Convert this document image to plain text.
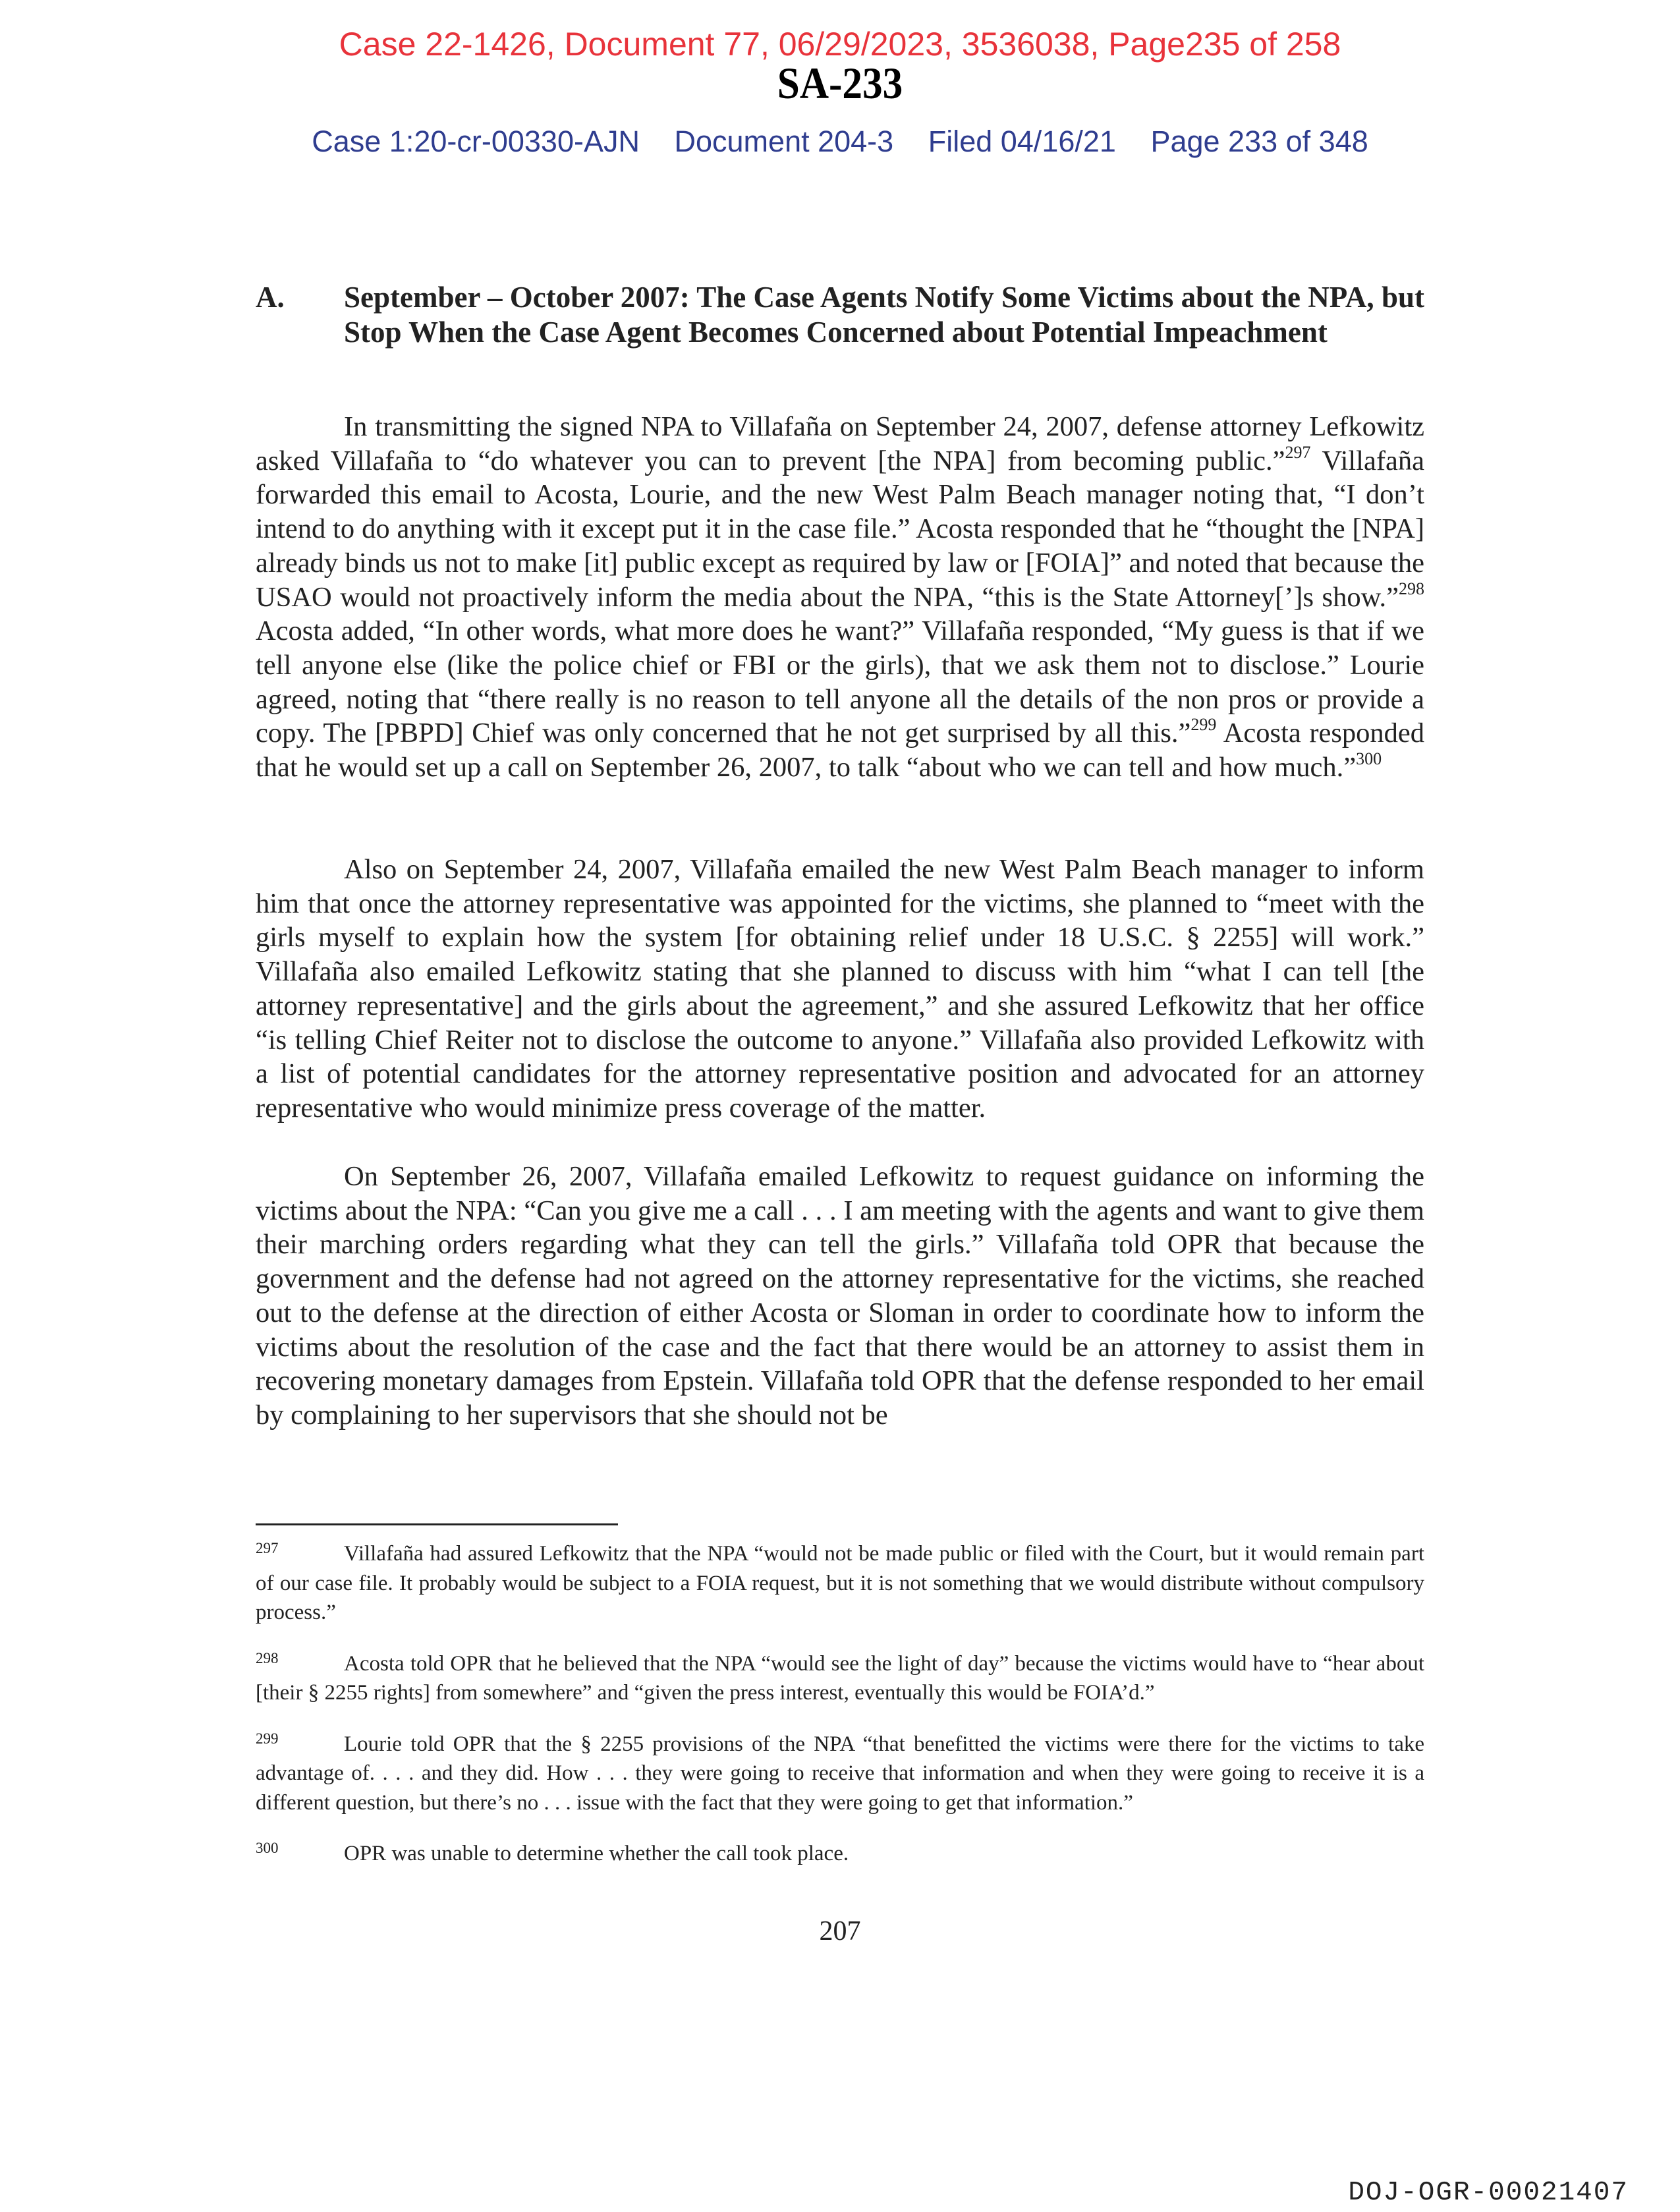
Case 22-1426, Document 77, 06/29/2023, 3536038, Page235 of 258
SA-233
Case 1:20-cr-00330-AJN Document 204-3 Filed 04/16/21 Page 233 of 348
A.	September – October 2007: The Case Agents Notify Some Victims about the NPA, but Stop When the Case Agent Becomes Concerned about Potential Impeachment

In transmitting the signed NPA to Villafaña on September 24, 2007, defense attorney Lefkowitz asked Villafaña to “do whatever you can to prevent [the NPA] from becoming public.”$^{297}$ Villafaña forwarded this email to Acosta, Lourie, and the new West Palm Beach manager noting that, “I don’t intend to do anything with it except put it in the case file.” Acosta responded that he “thought the [NPA] already binds us not to make [it] public except as required by law or [FOIA]” and noted that because the USAO would not proactively inform the media about the NPA, “this is the State Attorney[’]s show.”$^{298}$ Acosta added, “In other words, what more does he want?” Villafaña responded, “My guess is that if we tell anyone else (like the police chief or FBI or the girls), that we ask them not to disclose.” Lourie agreed, noting that “there really is no reason to tell anyone all the details of the non pros or provide a copy. The [PBPD] Chief was only concerned that he not get surprised by all this.”$^{299}$ Acosta responded that he would set up a call on September 26, 2007, to talk “about who we can tell and how much.”$^{300}$

Also on September 24, 2007, Villafaña emailed the new West Palm Beach manager to inform him that once the attorney representative was appointed for the victims, she planned to “meet with the girls myself to explain how the system [for obtaining relief under 18 U.S.C. § 2255] will work.” Villafaña also emailed Lefkowitz stating that she planned to discuss with him “what I can tell [the attorney representative] and the girls about the agreement,” and she assured Lefkowitz that her office “is telling Chief Reiter not to disclose the outcome to anyone.” Villafaña also provided Lefkowitz with a list of potential candidates for the attorney representative position and advocated for an attorney representative who would minimize press coverage of the matter.

On September 26, 2007, Villafaña emailed Lefkowitz to request guidance on informing the victims about the NPA: “Can you give me a call . . . I am meeting with the agents and want to give them their marching orders regarding what they can tell the girls.” Villafaña told OPR that because the government and the defense had not agreed on the attorney representative for the victims, she reached out to the defense at the direction of either Acosta or Sloman in order to coordinate how to inform the victims about the resolution of the case and the fact that there would be an attorney to assist them in recovering monetary damages from Epstein. Villafaña told OPR that the defense responded to her email by complaining to her supervisors that she should not be

297	Villafaña had assured Lefkowitz that the NPA “would not be made public or filed with the Court, but it would remain part of our case file. It probably would be subject to a FOIA request, but it is not something that we would distribute without compulsory process.”

298	Acosta told OPR that he believed that the NPA “would see the light of day” because the victims would have to “hear about [their § 2255 rights] from somewhere” and “given the press interest, eventually this would be FOIA’d.”

299	Lourie told OPR that the § 2255 provisions of the NPA “that benefitted the victims were there for the victims to take advantage of. . . . and they did. How . . . they were going to receive that information and when they were going to receive it is a different question, but there’s no . . . issue with the fact that they were going to get that information.”

300	OPR was unable to determine whether the call took place.

207
DOJ-OGR-00021407
